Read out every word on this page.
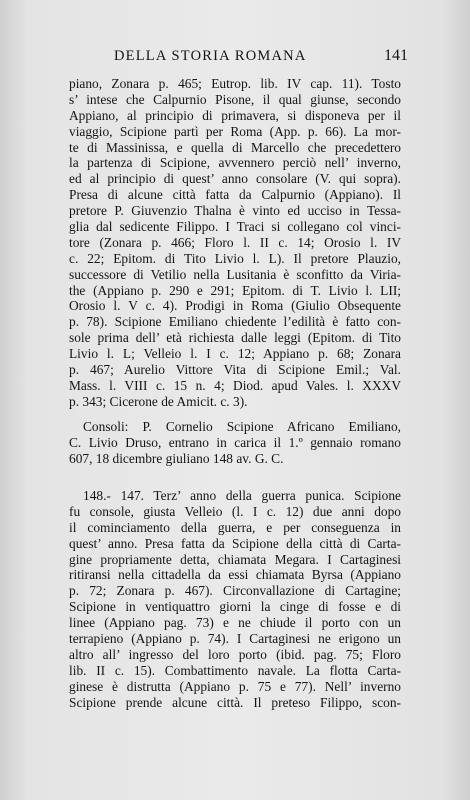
DELLA STORIA ROMANA	141
piano, Zonara p. 465; Eutrop. lib. IV cap. 11). Tosto
s’ intese che Calpurnio Pisone, il qual giunse, secondo
Appiano, al principio di primavera, si disponeva per il
viaggio, Scipione partì per Roma (App. p. 66). La mor-
te di Massinissa, e quella di Marcello che precedettero
la partenza di Scipione, avvennero perciò nell’ inverno,
ed al principio di quest’ anno consolare (V. qui sopra).
Presa di alcune città fatta da Calpurnio (Appiano). Il
pretore P. Giuvenzio Thalna è vinto ed ucciso in Tessa-
glia dal sedicente Filippo. I Traci si collegano col vinci-
tore (Zonara p. 466; Floro l. II c. 14; Orosio l. IV
c. 22; Epitom. di Tito Livio l. L). Il pretore Plauzio,
successore di Vetilio nella Lusitania è sconfitto da Viria-
the (Appiano p. 290 e 291; Epitom. di T. Livio l. LII;
Orosio l. V c. 4). Prodigi in Roma (Giulio Obsequente
p. 78). Scipione Emiliano chiedente l’edilità è fatto con-
sole prima dell’ età richiesta dalle leggi (Epitom. di Tito
Livio l. L; Velleio l. I c. 12; Appiano p. 68; Zonara
p. 467; Aurelio Vittore Vita di Scipione Emil.; Val.
Mass. l. VIII c. 15 n. 4; Diod. apud Vales. l. XXXV
p. 343; Cicerone de Amicit. c. 3).
Consoli: P. Cornelio Scipione Africano Emiliano,
C. Livio Druso, entrano in carica il 1.º gennaio romano
607, 18 dicembre giuliano 148 av. G. C.
148.- 147. Terz’ anno della guerra punica. Scipione
fu console, giusta Velleio (l. I c. 12) due anni dopo
il cominciamento della guerra, e per conseguenza in
quest’ anno. Presa fatta da Scipione della città di Carta-
gine propriamente detta, chiamata Megara. I Cartaginesi
ritiransi nella cittadella da essi chiamata Byrsa (Appiano
p. 72; Zonara p. 467). Circonvallazione di Cartagine;
Scipione in ventiquattro giorni la cinge di fosse e di
linee (Appiano pag. 73) e ne chiude il porto con un
terrapieno (Appiano p. 74). I Cartaginesi ne erigono un
altro all’ ingresso del loro porto (ibid. pag. 75; Floro
lib. II c. 15). Combattimento navale. La flotta Carta-
ginese è distrutta (Appiano p. 75 e 77). Nell’ inverno
Scipione prende alcune città. Il preteso Filippo, scon-
